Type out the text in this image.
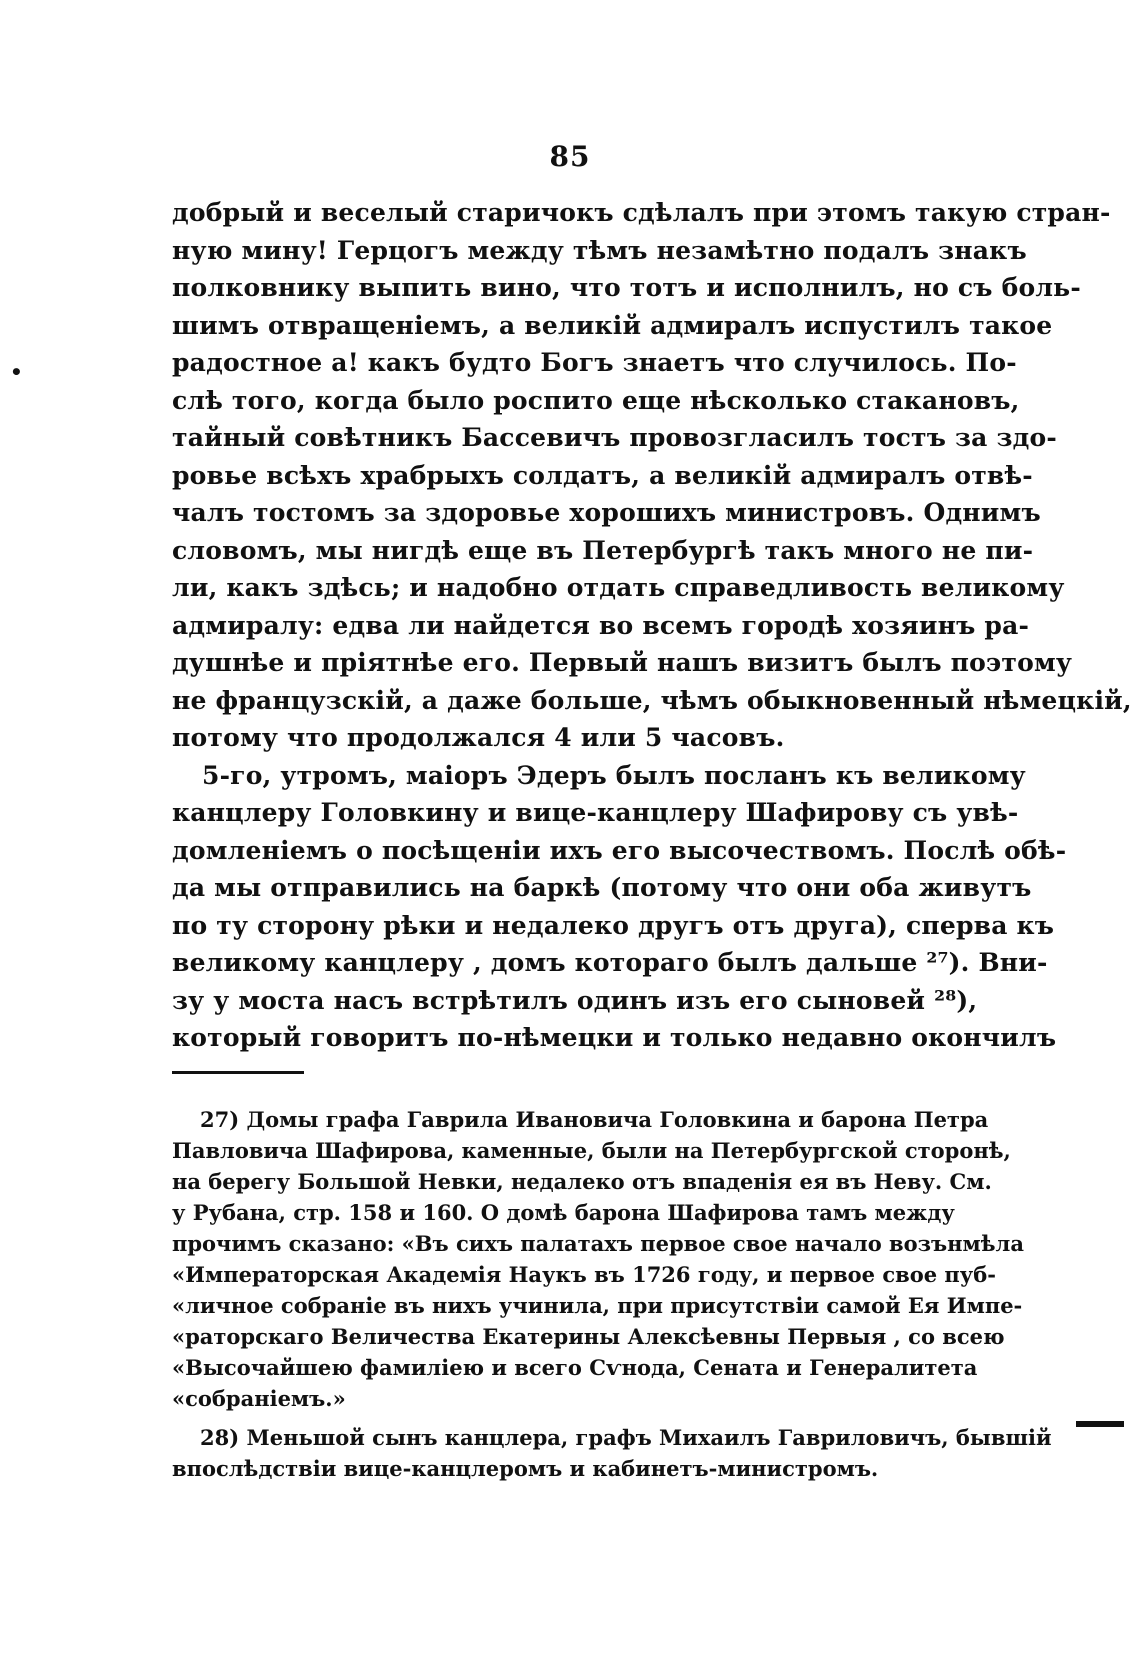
•
85
добрый и веселый старичокъ сдѣлалъ при этомъ такую стран-
ную мину! Герцогъ между тѣмъ незамѣтно подалъ знакъ
полковнику выпить вино, что тотъ и исполнилъ, но съ боль-
шимъ отвращеніемъ, а великій адмиралъ испустилъ такое
радостное а! какъ будто Богъ знаетъ что случилось. По-
слѣ того, когда было роспито еще нѣсколько стакановъ,
тайный совѣтникъ Бассевичъ провозгласилъ тостъ за здо-
ровье всѣхъ храбрыхъ солдатъ, а великій адмиралъ отвѣ-
чалъ тостомъ за здоровье хорошихъ министровъ. Однимъ
словомъ, мы нигдѣ еще въ Петербургѣ такъ много не пи-
ли, какъ здѣсь; и надобно отдать справедливость великому
адмиралу: едва ли найдется во всемъ городѣ хозяинъ ра-
душнѣе и пріятнѣе его. Первый нашъ визитъ былъ поэтому
не французскій, а даже больше, чѣмъ обыкновенный нѣмецкій,
потому что продолжался 4 или 5 часовъ.
5-го, утромъ, маіоръ Эдеръ былъ посланъ къ великому
канцлеру Головкину и вице-канцлеру Шафирову съ увѣ-
домленіемъ о посѣщеніи ихъ его высочествомъ. Послѣ обѣ-
да мы отправились на баркѣ (потому что они оба живутъ
по ту сторону рѣки и недалеко другъ отъ друга), сперва къ
великому канцлеру , домъ котораго былъ дальше ²⁷). Вни-
зу у моста насъ встрѣтилъ одинъ изъ его сыновей ²⁸),
который говоритъ по-нѣмецки и только недавно окончилъ
27) Домы графа Гаврила Ивановича Головкина и барона Петра
Павловича Шафирова, каменные, были на Петербургской сторонѣ,
на берегу Большой Невки, недалеко отъ впаденія ея въ Неву. См.
у Рубана, стр. 158 и 160. О домѣ барона Шафирова тамъ между
прочимъ сказано: «Въ сихъ палатахъ первое свое начало возънмѣла
«Императорская Академія Наукъ въ 1726 году, и первое свое пуб-
«личное собраніе въ нихъ учинила, при присутствіи самой Ея Импе-
«раторскаго Величества Екатерины Алексѣевны Первыя , со всею
«Высочайшею фамиліею и всего Сѵнода, Сената и Генералитета
«собраніемъ.»
28) Меньшой сынъ канцлера, графъ Михаилъ Гавриловичъ, бывшій
впослѣдствіи вице-канцлеромъ и кабинетъ-министромъ.
